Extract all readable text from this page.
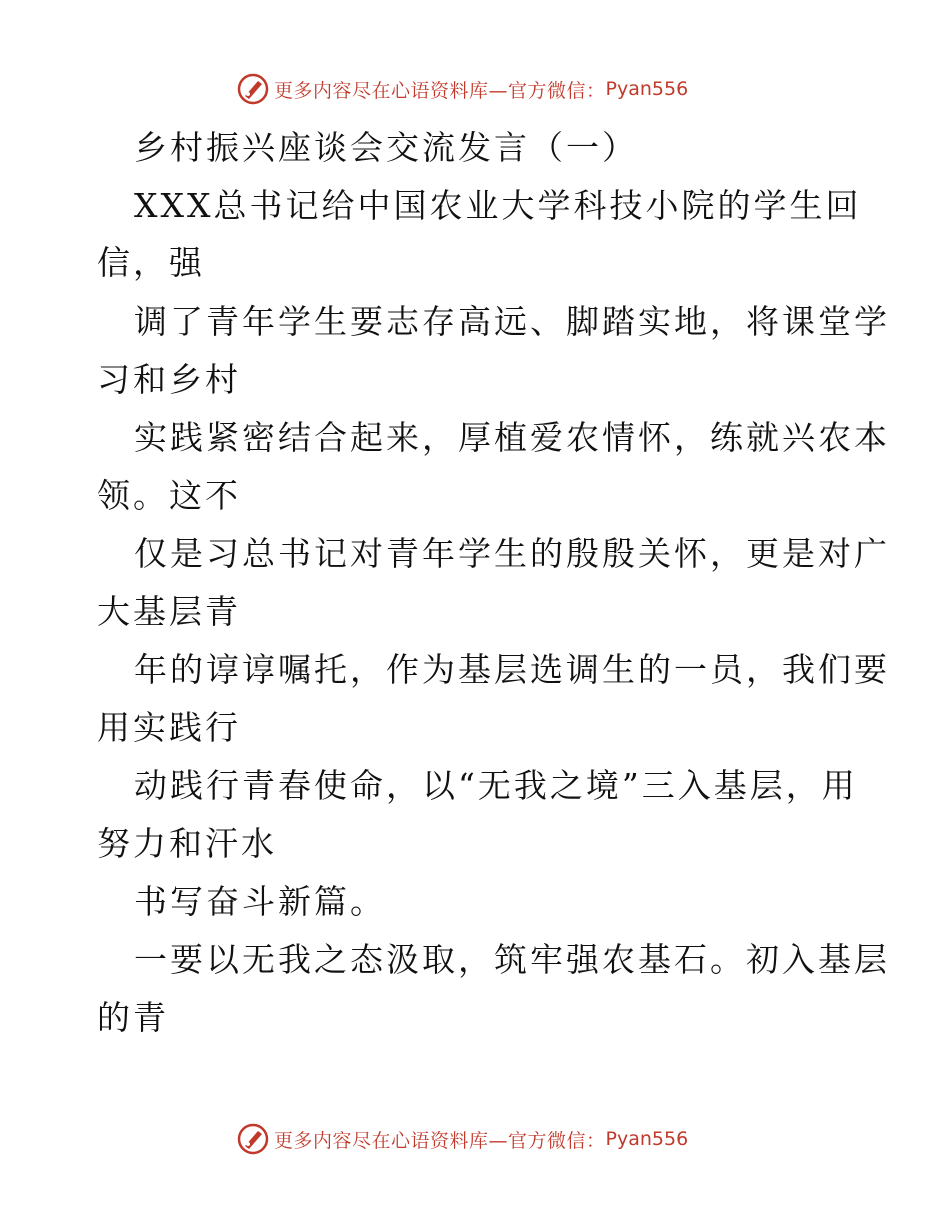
更多内容尽在心语资料库—官方微信： Pyan556
乡村振兴座谈会交流发言（一）
XXX总书记给中国农业大学科技小院的学生回
信，强
调了青年学生要志存高远、脚踏实地，将课堂学
习和乡村
实践紧密结合起来，厚植爱农情怀，练就兴农本
领。这不
仅是习总书记对青年学生的殷殷关怀，更是对广
大基层青
年的谆谆嘱托，作为基层选调生的一员，我们要
用实践行
动践行青春使命，以“无我之境”三入基层，用
努力和汗水
书写奋斗新篇。
一要以无我之态汲取，筑牢强农基石。初入基层
的青
更多内容尽在心语资料库—官方微信： Pyan556
